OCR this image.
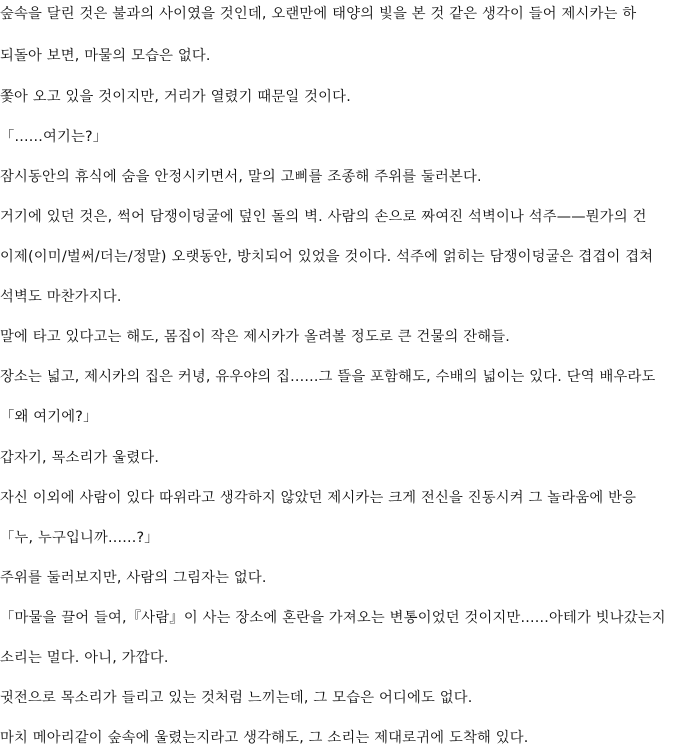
숲속을 달린 것은 불과의 사이였을 것인데, 오랜만에 태양의 빛을 본 것 같은 생각이 들어 제시카는 하
되돌아 보면, 마물의 모습은 없다.
쫓아 오고 있을 것이지만, 거리가 열렸기 때문일 것이다.
「......여기는?」
잠시동안의 휴식에 숨을 안정시키면서, 말의 고삐를 조종해 주위를 둘러본다.
거기에 있던 것은, 썩어 담쟁이덩굴에 덮인 돌의 벽. 사람의 손으로 짜여진 석벽이나 석주——뭔가의 건
이제(이미/벌써/더는/정말) 오랫동안, 방치되어 있었을 것이다. 석주에 얽히는 담쟁이덩굴은 겹겹이 겹쳐
석벽도 마찬가지다.
말에 타고 있다고는 해도, 몸집이 작은 제시카가 올려볼 정도로 큰 건물의 잔해들.
장소는 넓고, 제시카의 집은 커녕, 유우야의 집......그 뜰을 포함해도, 수배의 넓이는 있다. 단역 배우라도
「왜 여기에?」
갑자기, 목소리가 울렸다.
자신 이외에 사람이 있다 따위라고 생각하지 않았던 제시카는 크게 전신을 진동시켜 그 놀라움에 반응
「누, 누구입니까......?」
주위를 둘러보지만, 사람의 그림자는 없다.
「마물을 끌어 들여,『사람』이 사는 장소에 혼란을 가져오는 변통이었던 것이지만......아테가 빗나갔는지
소리는 멀다. 아니, 가깝다.
귓전으로 목소리가 들리고 있는 것처럼 느끼는데, 그 모습은 어디에도 없다.
마치 메아리같이 숲속에 울렸는지라고 생각해도, 그 소리는 제대로귀에 도착해 있다.
